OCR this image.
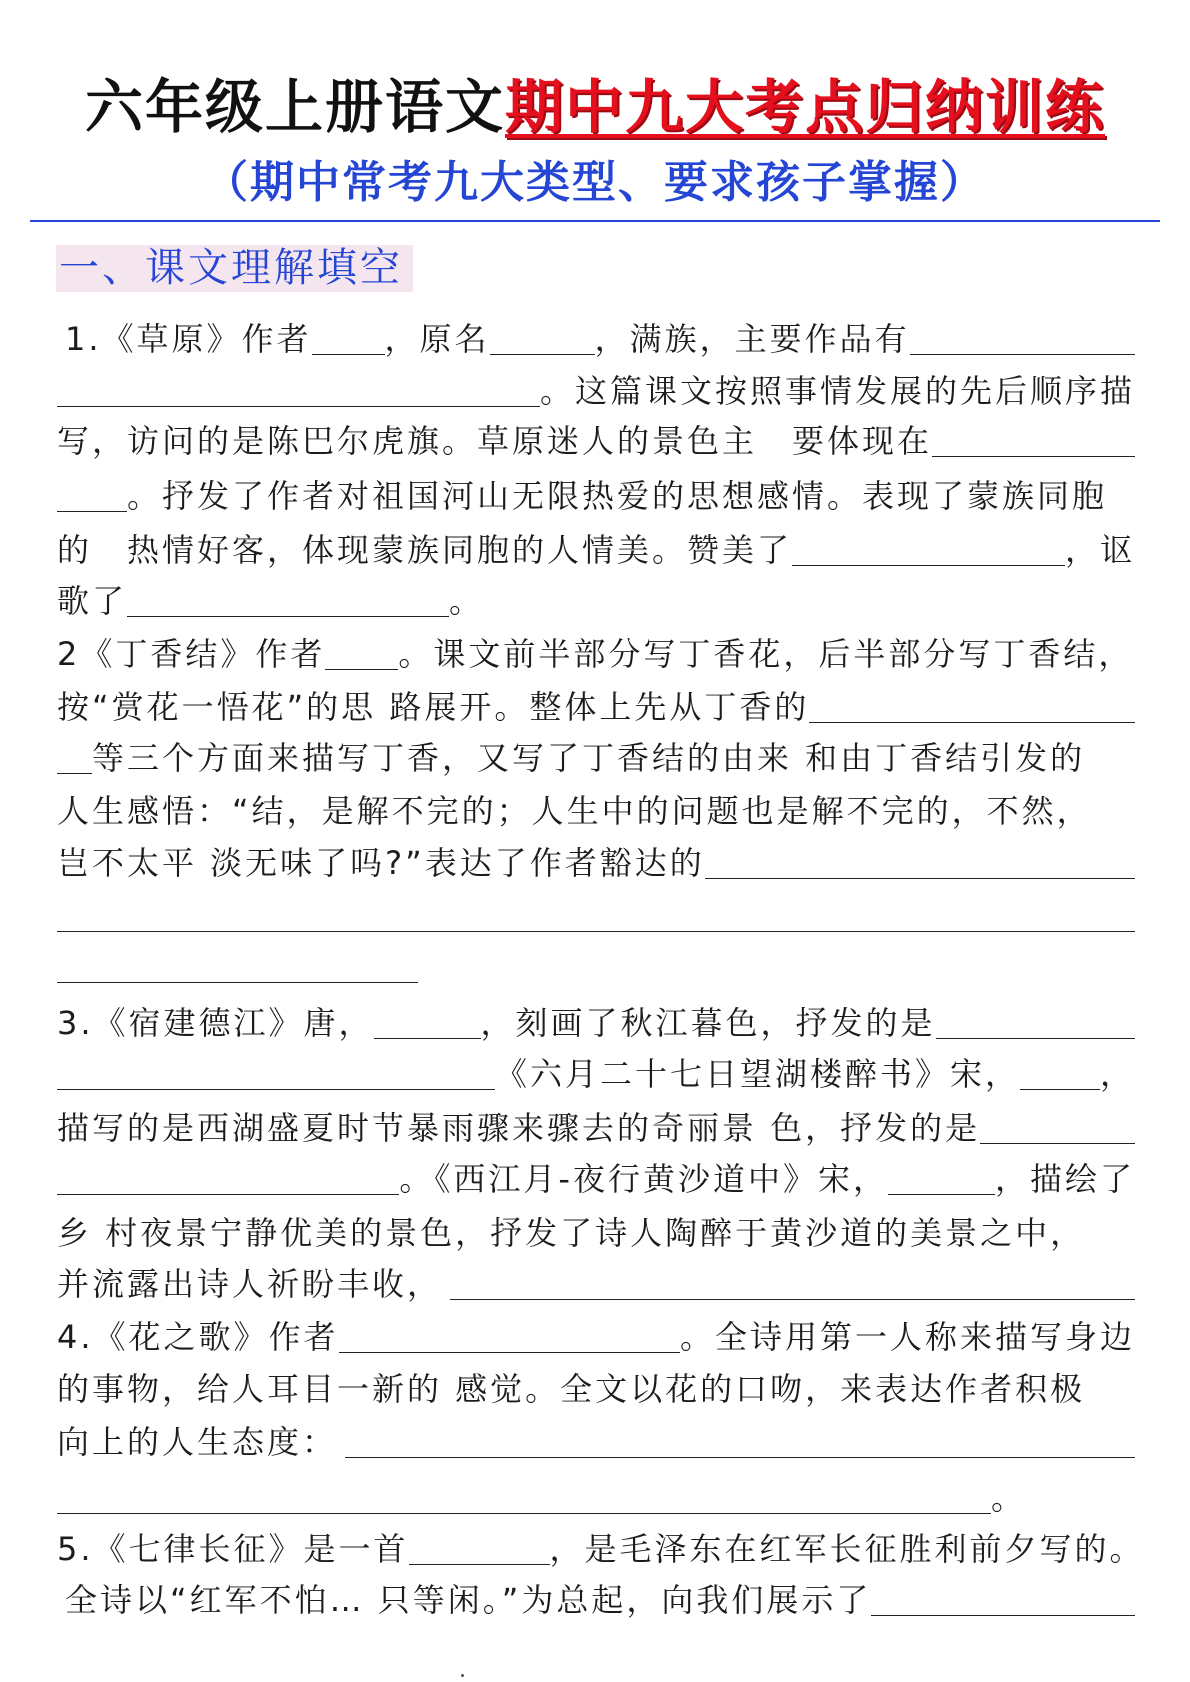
六年级上册语文期中九大考点归纳训练
（期中常考九大类型、要求孩子掌握）
一、课文理解填空
1. 《草原》作者 ，原名	，满族，主要作品有
。这篇课文按照事情发展的先后顺序描
写，访问的是陈巴尔虎旗。草原迷人的景色主　要体现在
。抒发了作者对祖国河山无限热爱的思想感情。表现了蒙族同胞
的　热情好客，体现蒙族同胞的人情美。赞美了	，讴
歌了	。
2 《丁香结》作者 。课文前半部分写丁香花，后半部分写丁香结，
按“赏花一悟花”的思 路展开。整体上先从丁香的
等三个方面来描写丁香，又写了丁香结的由来 和由丁香结引发的
人生感悟：“结，是解不完的；人生中的问题也是解不完的，不然，
岂不太平 淡无味了吗?”表达了作者豁达的
3. 《宿建德江》唐，	，刻画了秋江暮色，抒发的是
《六月二十七日望湖楼醉书》宋，	，
描写的是西湖盛夏时节暴雨骤来骤去的奇丽景 色，抒发的是
。《西江月-夜行黄沙道中》宋，	，描绘了
乡 村夜景宁静优美的景色，抒发了诗人陶醉于黄沙道的美景之中，
并流露出诗人祈盼丰收，
4. 《花之歌》作者	。全诗用第一人称来描写身边
的事物，给人耳目一新的 感觉。全文以花的口吻，来表达作者积极
向上的人生态度：
。
5. 《七律长征》是一首	，是毛泽东在红军长征胜利前夕写的。
全诗以“红军不怕… 只等闲。”为总起，向我们展示了
